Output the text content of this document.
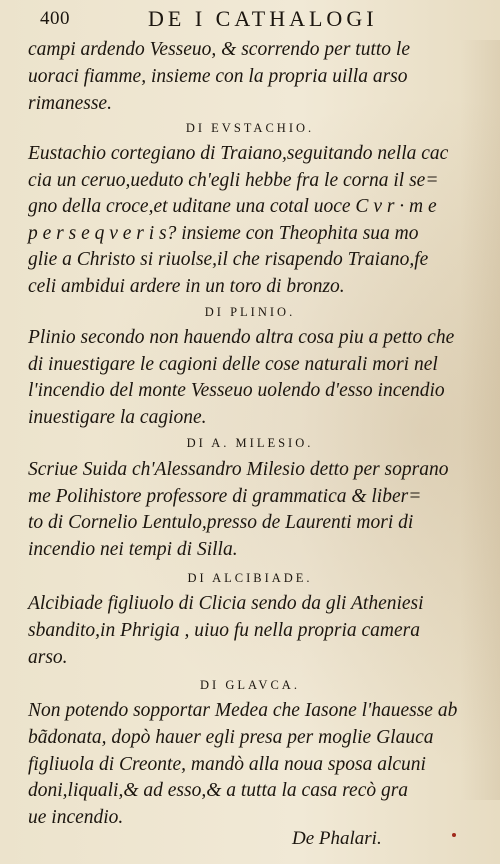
400	DE I CATHALOGI
campi ardendo Vesseuo, & scorrendo per tutto le
uoraci fiamme, insieme con la propria uilla arso
rimanesse.
DI EVSTACHIO.
Eustachio cortegiano di Traiano,seguitando nella cac
cia un ceruo,ueduto ch'egli hebbe fra le corna il se=
gno della croce,et uditane una cotal uoce C v r · m e
p e r s e q v e r i s? insieme con Theophita sua mo
glie a Christo si riuolse,il che risapendo Traiano,fe
celi ambidui ardere in un toro di bronzo.
DI PLINIO.
Plinio secondo non hauendo altra cosa piu a petto che
di inuestigare le cagioni delle cose naturali mori nel
l'incendio del monte Vesseuo uolendo d'esso incendio
inuestigare la cagione.
DI A. MILESIO.
Scriue Suida ch'Alessandro Milesio detto per soprano
me Polihistore professore di grammatica & liber=
to di Cornelio Lentulo,presso de Laurenti mori di
incendio nei tempi di Silla.
DI ALCIBIADE.
Alcibiade figliuolo di Clicia sendo da gli Atheniesi
sbandito,in Phrigia , uiuo fu nella propria camera
arso.
DI GLAVCA.
Non potendo sopportar Medea che Iasone l'hauesse ab
bãdonata, dopò hauer egli presa per moglie Glauca
figliuola di Creonte, mandò alla noua sposa alcuni
doni,liquali,& ad esso,& a tutta la casa recò gra
ue incendio.
De Phalari.
